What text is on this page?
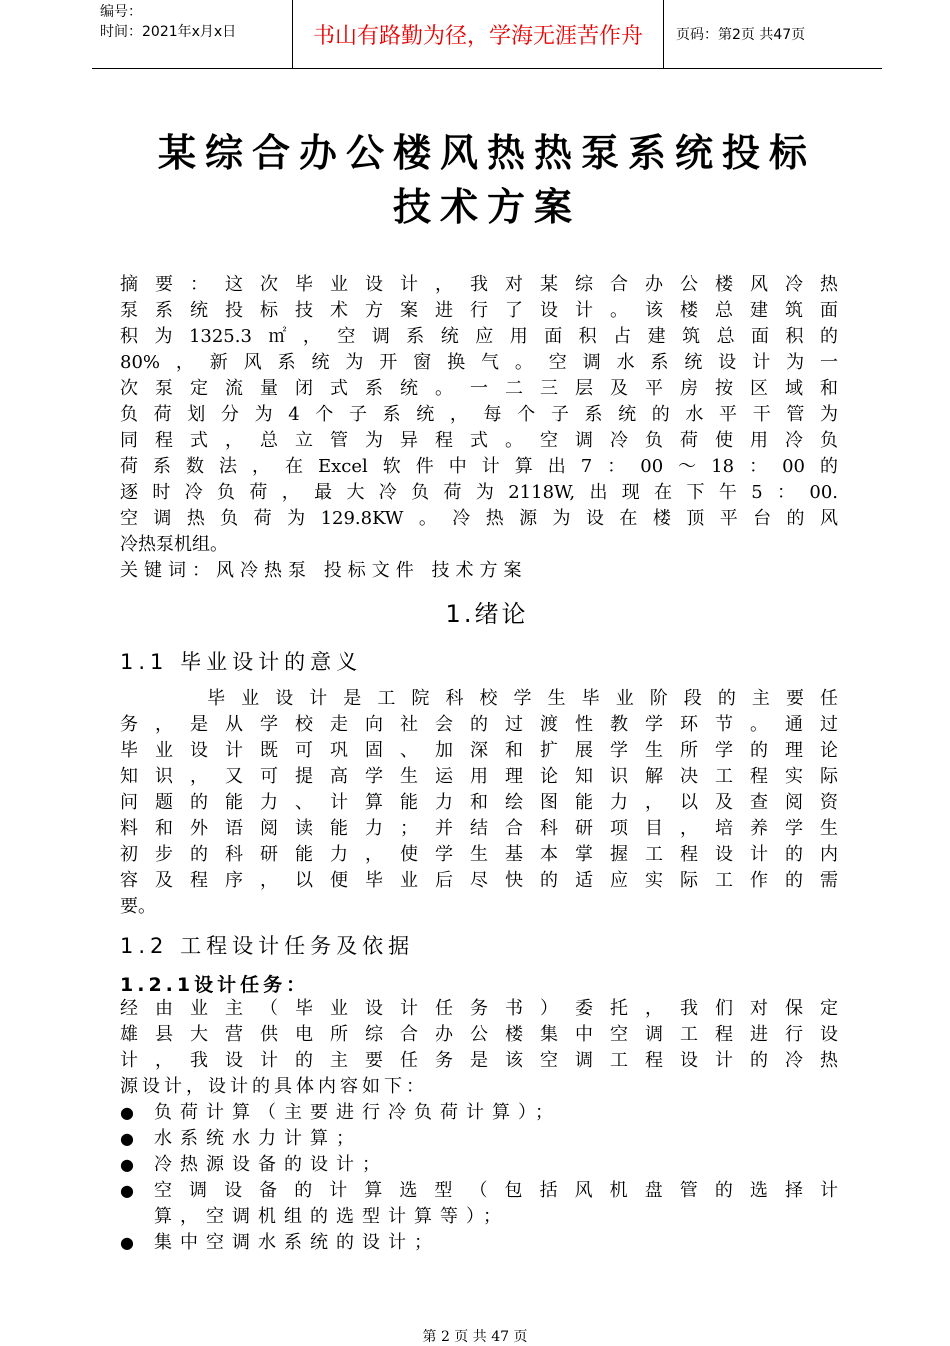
编号：
时间：2021年x月x日	书山有路勤为径，学海无涯苦作舟	页码：第2页 共47页
某综合办公楼风热热泵系统投标
技术方案
摘要：这次毕业设计，我对某综合办公楼风冷热
泵系统投标技术方案进行了设计。该楼总建筑面
积为1325.3㎡，空调系统应用面积占建筑总面积的
80%，新风系统为开窗换气。空调水系统设计为一
次泵定流量闭式系统。一二三层及平房按区域和
负荷划分为4个子系统，每个子系统的水平干管为
同程式，总立管为异程式。空调冷负荷使用冷负
荷系数法，在Excel软件中计算出7：00～18：00的
逐时冷负荷，最大冷负荷为2118W,出现在下午5：00.
空调热负荷为129.8KW。冷热源为设在楼顶平台的风
冷热泵机组。
关键词：风冷热泵 投标文件 技术方案
1.绪论
1.1 毕业设计的意义
毕业设计是工院科校学生毕业阶段的主要任
务，是从学校走向社会的过渡性教学环节。通过
毕业设计既可巩固、加深和扩展学生所学的理论
知识，又可提高学生运用理论知识解决工程实际
问题的能力、计算能力和绘图能力，以及查阅资
料和外语阅读能力；并结合科研项目，培养学生
初步的科研能力，使学生基本掌握工程设计的内
容及程序，以便毕业后尽快的适应实际工作的需
要。
1.2 工程设计任务及依据
1.2.1设计任务：
经由业主（毕业设计任务书）委托，我们对保定
雄县大营供电所综合办公楼集中空调工程进行设
计，我设计的主要任务是该空调工程设计的冷热
源设计，设计的具体内容如下：
●	负荷计算（主要进行冷负荷计算）；
●	水系统水力计算；
●	冷热源设备的设计；
●	空调设备的计算选型（包括风机盘管的选择计
算，空调机组的选型计算等）；
●	集中空调水系统的设计；
第 2 页 共 47 页
